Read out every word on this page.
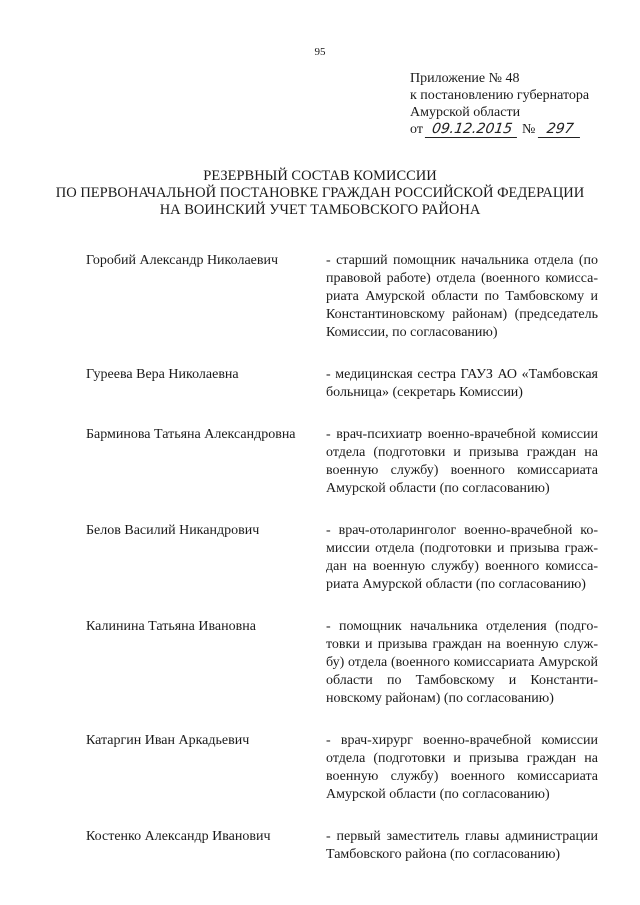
95
Приложение № 48
к постановлению губернатора
Амурской области
от 09.12.2015 № 297
РЕЗЕРВНЫЙ СОСТАВ КОМИССИИ
ПО ПЕРВОНАЧАЛЬНОЙ ПОСТАНОВКЕ ГРАЖДАН РОССИЙСКОЙ ФЕДЕРАЦИИ
НА ВОИНСКИЙ УЧЕТ ТАМБОВСКОГО РАЙОНА
Горобий Александр Николаевич	- старший помощник начальника отдела (по правовой работе) отдела (военного комиссариата Амурской области по Тамбовскому и Константиновскому районам) (председатель Комиссии, по согласованию)
Гуреева Вера Николаевна	- медицинская сестра ГАУЗ АО «Тамбовская больница» (секретарь Комиссии)
Барминова Татьяна Александровна	- врач-психиатр военно-врачебной комиссии отдела (подготовки и призыва граждан на военную службу) военного комиссариата Амурской области (по согласованию)
Белов Василий Никандрович	- врач-отоларинголог военно-врачебной комиссии отдела (подготовки и призыва граждан на военную службу) военного комиссариата Амурской области (по согласованию)
Калинина Татьяна Ивановна	- помощник начальника отделения (подготовки и призыва граждан на военную службу) отдела (военного комиссариата Амурской области по Тамбовскому и Константиновскому районам) (по согласованию)
Катаргин Иван Аркадьевич	- врач-хирург военно-врачебной комиссии отдела (подготовки и призыва граждан на военную службу) военного комиссариата Амурской области (по согласованию)
Костенко Александр Иванович	- первый заместитель главы администрации Тамбовского района (по согласованию)
